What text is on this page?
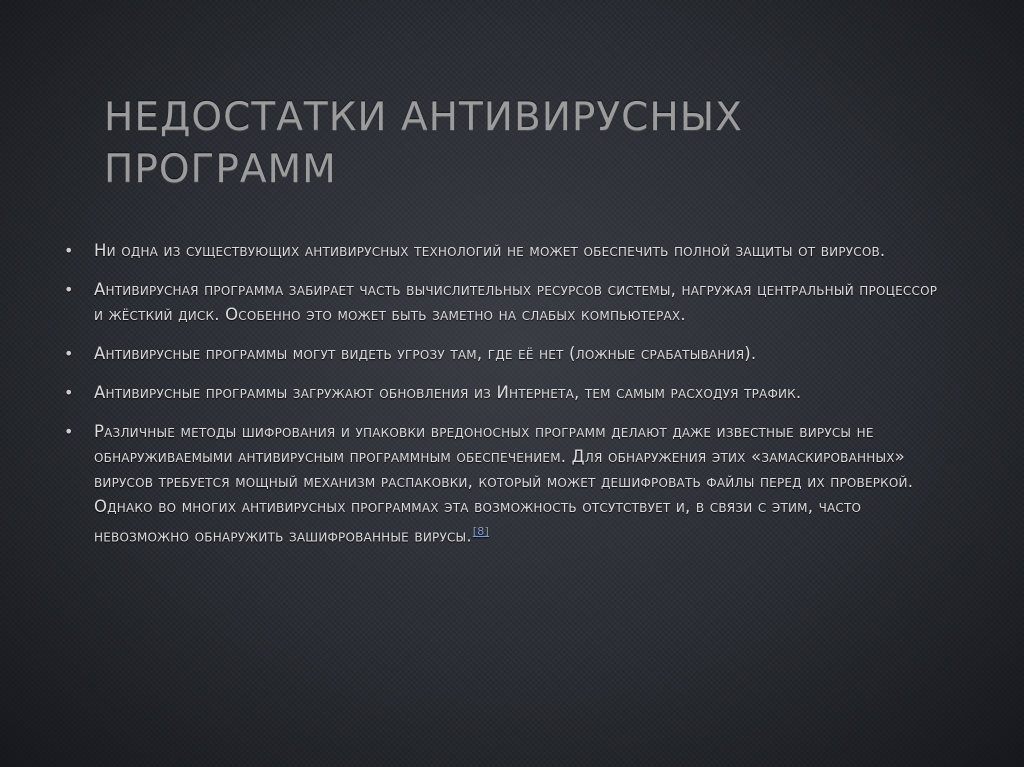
НЕДОСТАТКИ АНТИВИРУСНЫХ ПРОГРАММ
• Ни одна из существующих антивирусных технологий не может обеспечить полной защиты от вирусов.
• Антивирусная программа забирает часть вычислительных ресурсов системы, нагружая центральный процессор и жёсткий диск. Особенно это может быть заметно на слабых компьютерах.
• Антивирусные программы могут видеть угрозу там, где её нет (ложные срабатывания).
• Антивирусные программы загружают обновления из Интернета, тем самым расходуя трафик.
• Различные методы шифрования и упаковки вредоносных программ делают даже известные вирусы не обнаруживаемыми антивирусным программным обеспечением. Для обнаружения этих «замаскированных» вирусов требуется мощный механизм распаковки, который может дешифровать файлы перед их проверкой. Однако во многих антивирусных программах эта возможность отсутствует и, в связи с этим, часто невозможно обнаружить зашифрованные вирусы.[8]
